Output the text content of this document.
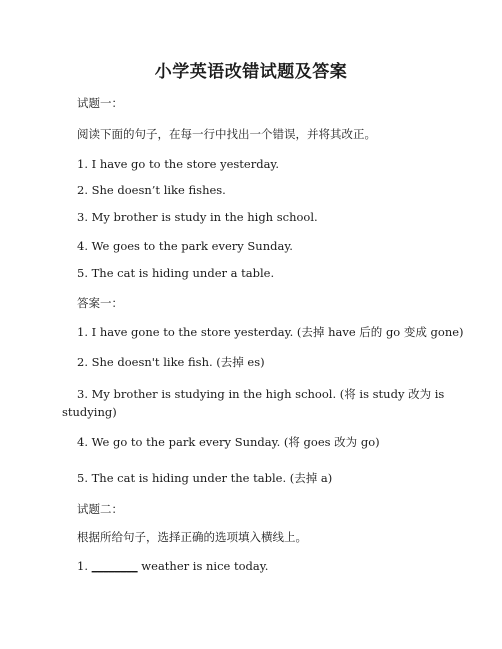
小学英语改错试题及答案
试题一：
阅读下面的句子，在每一行中找出一个错误，并将其改正。
1. I have go to the store yesterday.
2. She doesn’t like fishes.
3. My brother is study in the high school.
4. We goes to the park every Sunday.
5. The cat is hiding under a table.
答案一：
1. I have gone to the store yesterday. (去掉 have 后的 go 变成 gone)
2. She doesn't like fish. (去掉 es)
3. My brother is studying in the high school. (将 is study 改为 is studying)
4. We go to the park every Sunday. (将 goes 改为 go)
5. The cat is hiding under the table. (去掉 a)
试题二：
根据所给句子，选择正确的选项填入横线上。
1. ________ weather is nice today.
